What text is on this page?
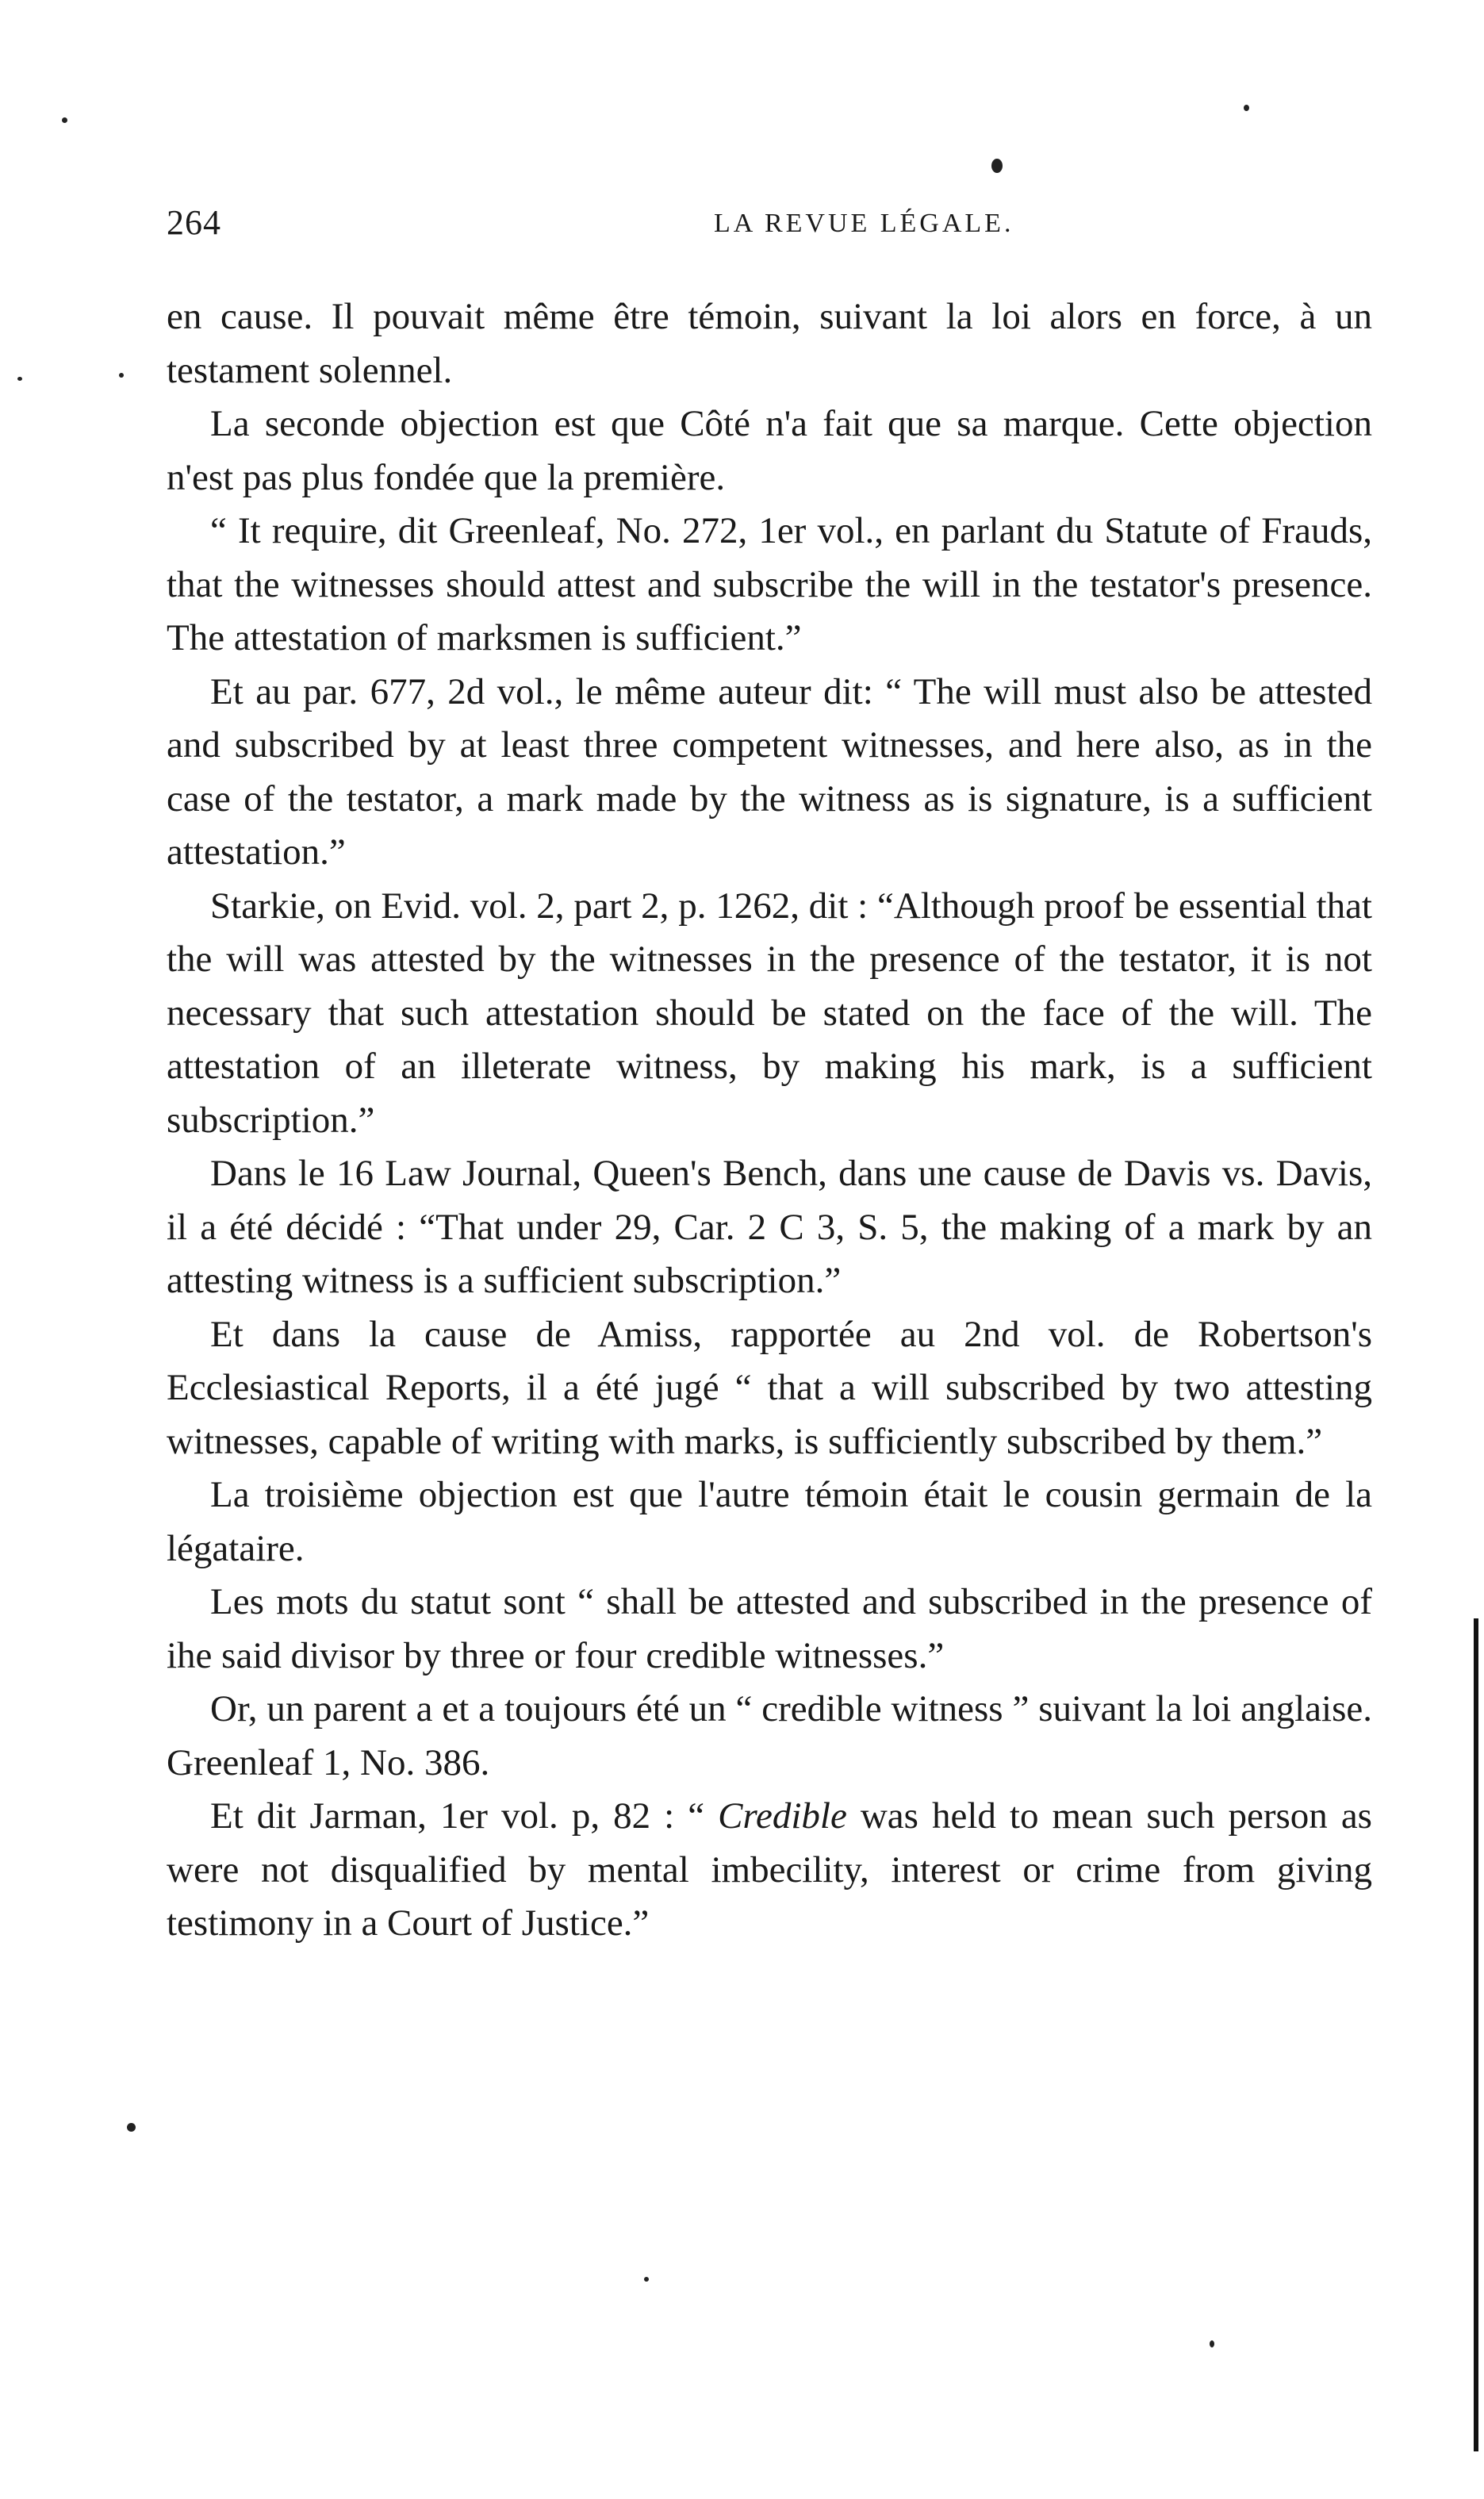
264	LA REVUE LÉGALE.

en cause. Il pouvait même être témoin, suivant la loi alors en force, à un testament solennel.

La seconde objection est que Côté n'a fait que sa marque. Cette objection n'est pas plus fondée que la première.

“ It require, dit Greenleaf, No. 272, 1er vol., en parlant du Statute of Frauds, that the witnesses should attest and subscribe the will in the testator's presence. The attestation of marksmen is sufficient.”

Et au par. 677, 2d vol., le même auteur dit: “ The will must also be attested and subscribed by at least three competent witnesses, and here also, as in the case of the testator, a mark made by the witness as is signature, is a sufficient attestation.”

Starkie, on Evid. vol. 2, part 2, p. 1262, dit : “Although proof be essential that the will was attested by the witnesses in the presence of the testator, it is not necessary that such attestation should be stated on the face of the will. The attestation of an illeterate witness, by making his mark, is a sufficient subscription.”

Dans le 16 Law Journal, Queen's Bench, dans une cause de Davis vs. Davis, il a été décidé : “That under 29, Car. 2 C 3, S. 5, the making of a mark by an attesting witness is a sufficient subscription.”

Et dans la cause de Amiss, rapportée au 2nd vol. de Robertson's Ecclesiastical Reports, il a été jugé “ that a will subscribed by two attesting witnesses, capable of writing with marks, is sufficiently subscribed by them.”

La troisième objection est que l'autre témoin était le cousin germain de la légataire.

Les mots du statut sont “ shall be attested and subscribed in the presence of ihe said divisor by three or four credible witnesses.”

Or, un parent a et a toujours été un “ credible witness ” suivant la loi anglaise. Greenleaf 1, No. 386.

Et dit Jarman, 1er vol. p, 82 : “ Credible was held to mean such person as were not disqualified by mental imbecility, interest or crime from giving testimony in a Court of Justice.”
